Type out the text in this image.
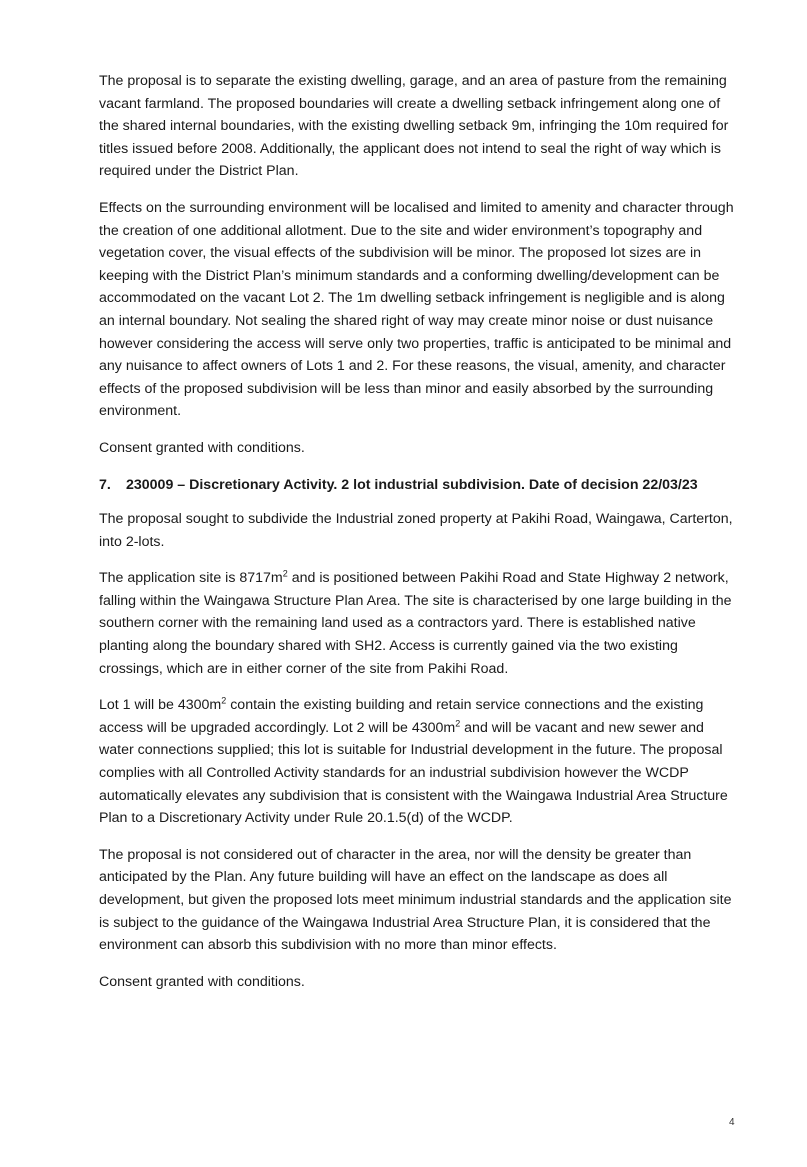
The proposal is to separate the existing dwelling, garage, and an area of pasture from the remaining vacant farmland. The proposed boundaries will create a dwelling setback infringement along one of the shared internal boundaries, with the existing dwelling setback 9m, infringing the 10m required for titles issued before 2008. Additionally, the applicant does not intend to seal the right of way which is required under the District Plan.

Effects on the surrounding environment will be localised and limited to amenity and character through the creation of one additional allotment. Due to the site and wider environment’s topography and vegetation cover, the visual effects of the subdivision will be minor. The proposed lot sizes are in keeping with the District Plan’s minimum standards and a conforming dwelling/development can be accommodated on the vacant Lot 2. The 1m dwelling setback infringement is negligible and is along an internal boundary. Not sealing the shared right of way may create minor noise or dust nuisance however considering the access will serve only two properties, traffic is anticipated to be minimal and any nuisance to affect owners of Lots 1 and 2. For these reasons, the visual, amenity, and character effects of the proposed subdivision will be less than minor and easily absorbed by the surrounding environment.

Consent granted with conditions.

7. 230009 – Discretionary Activity. 2 lot industrial subdivision. Date of decision 22/03/23

The proposal sought to subdivide the Industrial zoned property at Pakihi Road, Waingawa, Carterton, into 2-lots.

The application site is $8717m^2$ and is positioned between Pakihi Road and State Highway 2 network, falling within the Waingawa Structure Plan Area. The site is characterised by one large building in the southern corner with the remaining land used as a contractors yard. There is established native planting along the boundary shared with SH2. Access is currently gained via the two existing crossings, which are in either corner of the site from Pakihi Road.

Lot 1 will be $4300m^2$ contain the existing building and retain service connections and the existing access will be upgraded accordingly. Lot 2 will be $4300m^2$ and will be vacant and new sewer and water connections supplied; this lot is suitable for Industrial development in the future. The proposal complies with all Controlled Activity standards for an industrial subdivision however the WCDP automatically elevates any subdivision that is consistent with the Waingawa Industrial Area Structure Plan to a Discretionary Activity under Rule 20.1.5(d) of the WCDP.

The proposal is not considered out of character in the area, nor will the density be greater than anticipated by the Plan. Any future building will have an effect on the landscape as does all development, but given the proposed lots meet minimum industrial standards and the application site is subject to the guidance of the Waingawa Industrial Area Structure Plan, it is considered that the environment can absorb this subdivision with no more than minor effects.

Consent granted with conditions.

4
